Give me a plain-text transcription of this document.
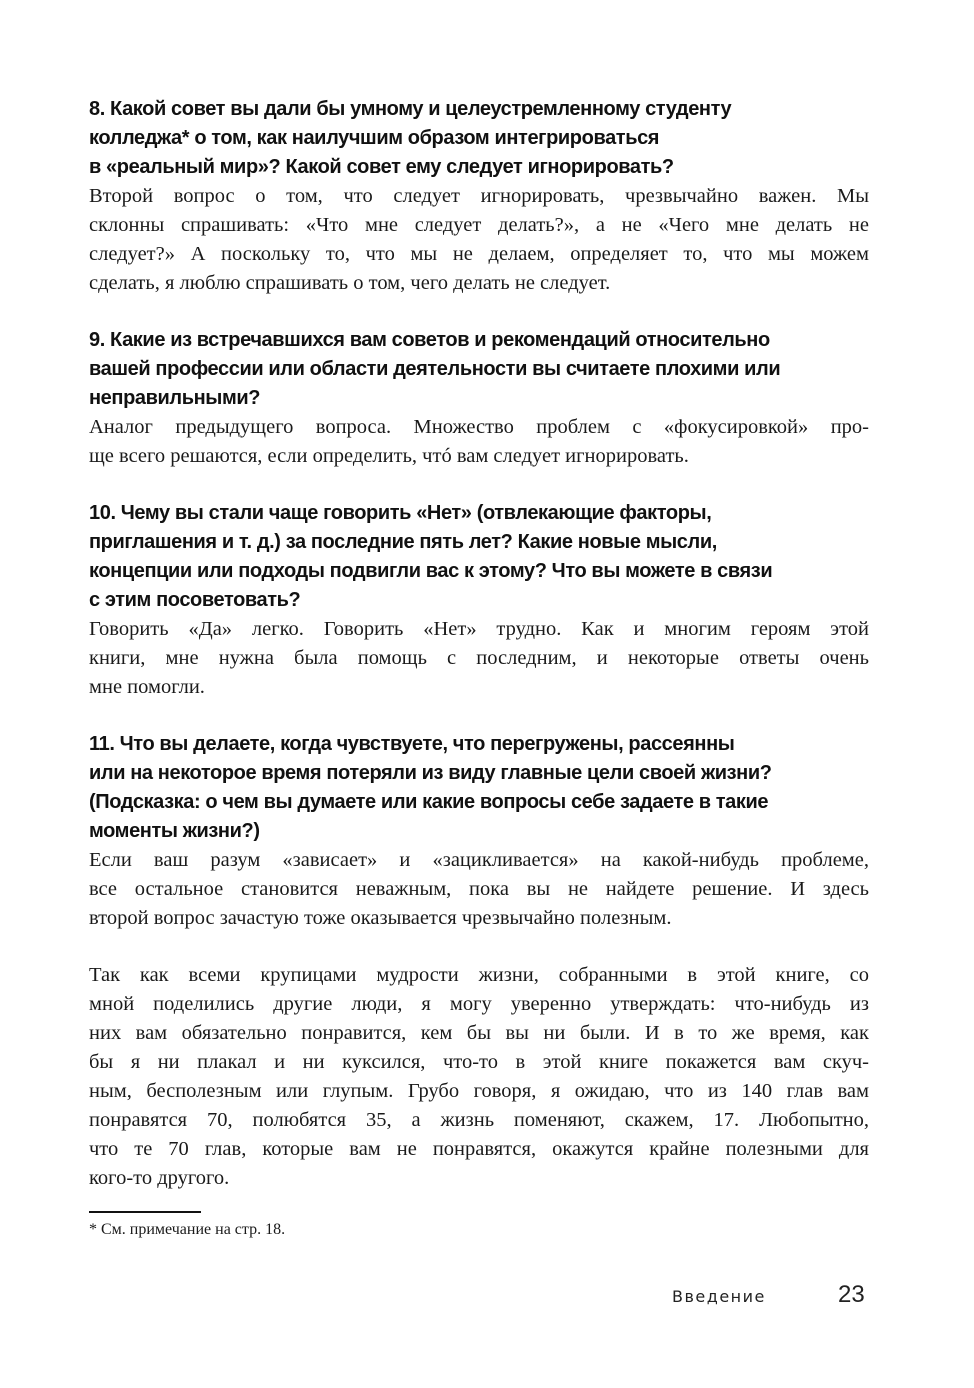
8. Какой совет вы дали бы умному и целеустремленному студенту
колледжа* о том, как наилучшим образом интегрироваться
в «реальный мир»? Какой совет ему следует игнорировать?
Второй вопрос о том, что следует игнорировать, чрезвычайно важен. Мы
склонны спрашивать: «Что мне следует делать?», а не «Чего мне делать не
следует?» А поскольку то, что мы не делаем, определяет то, что мы можем
сделать, я люблю спрашивать о том, чего делать не следует.
9. Какие из встречавшихся вам советов и рекомендаций относительно
вашей профессии или области деятельности вы считаете плохими или
неправильными?
Аналог предыдущего вопроса. Множество проблем с «фокусировкой» про-
ще всего решаются, если определить, чтó вам следует игнорировать.
10. Чему вы стали чаще говорить «Нет» (отвлекающие факторы,
приглашения и т. д.) за последние пять лет? Какие новые мысли,
концепции или подходы подвигли вас к этому? Что вы можете в связи
с этим посоветовать?
Говорить «Да» легко. Говорить «Нет» трудно. Как и многим героям этой
книги, мне нужна была помощь с последним, и некоторые ответы очень
мне помогли.
11. Что вы делаете, когда чувствуете, что перегружены, рассеянны
или на некоторое время потеряли из виду главные цели своей жизни?
(Подсказка: о чем вы думаете или какие вопросы себе задаете в такие
моменты жизни?)
Если ваш разум «зависает» и «зацикливается» на какой-нибудь проблеме,
все остальное становится неважным, пока вы не найдете решение. И здесь
второй вопрос зачастую тоже оказывается чрезвычайно полезным.
Так как всеми крупицами мудрости жизни, собранными в этой книге, со
мной поделились другие люди, я могу уверенно утверждать: что-нибудь из
них вам обязательно понравится, кем бы вы ни были. И в то же время, как
бы я ни плакал и ни куксился, что-то в этой книге покажется вам скуч-
ным, бесполезным или глупым. Грубо говоря, я ожидаю, что из 140 глав вам
понравятся 70, полюбятся 35, а жизнь поменяют, скажем, 17. Любопытно,
что те 70 глав, которые вам не понравятся, окажутся крайне полезными для
кого-то другого.
* См. примечание на стр. 18.
Введение	23
